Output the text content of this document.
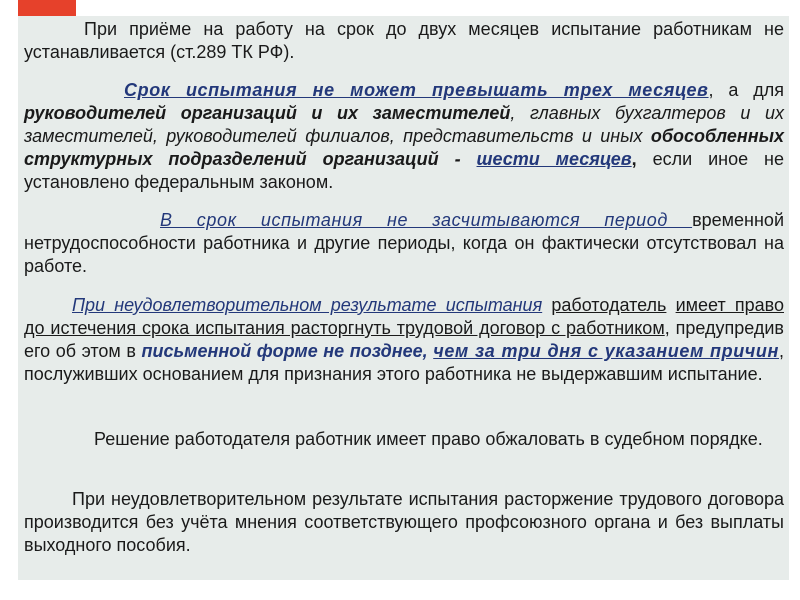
При приёме на работу на срок до двух месяцев испытание работникам не устанавливается (ст.289 ТК РФ).

Срок испытания не может превышать трех месяцев, а для руководителей организаций и их заместителей, главных бухгалтеров и их заместителей, руководителей филиалов, представительств и иных обособленных структурных подразделений организаций - шести месяцев, если иное не установлено федеральным законом.

В срок испытания не засчитываются период временной нетрудоспособности работника и другие периоды, когда он фактически отсутствовал на работе.

При неудовлетворительном результате испытания работодатель имеет право до истечения срока испытания расторгнуть трудовой договор с работником, предупредив его об этом в письменной форме не позднее, чем за три дня с указанием причин, послуживших основанием для признания этого работника не выдержавшим испытание.

Решение работодателя работник имеет право обжаловать в судебном порядке.

При неудовлетворительном результате испытания расторжение трудового договора производится без учёта мнения соответствующего профсоюзного органа и без выплаты выходного пособия.
